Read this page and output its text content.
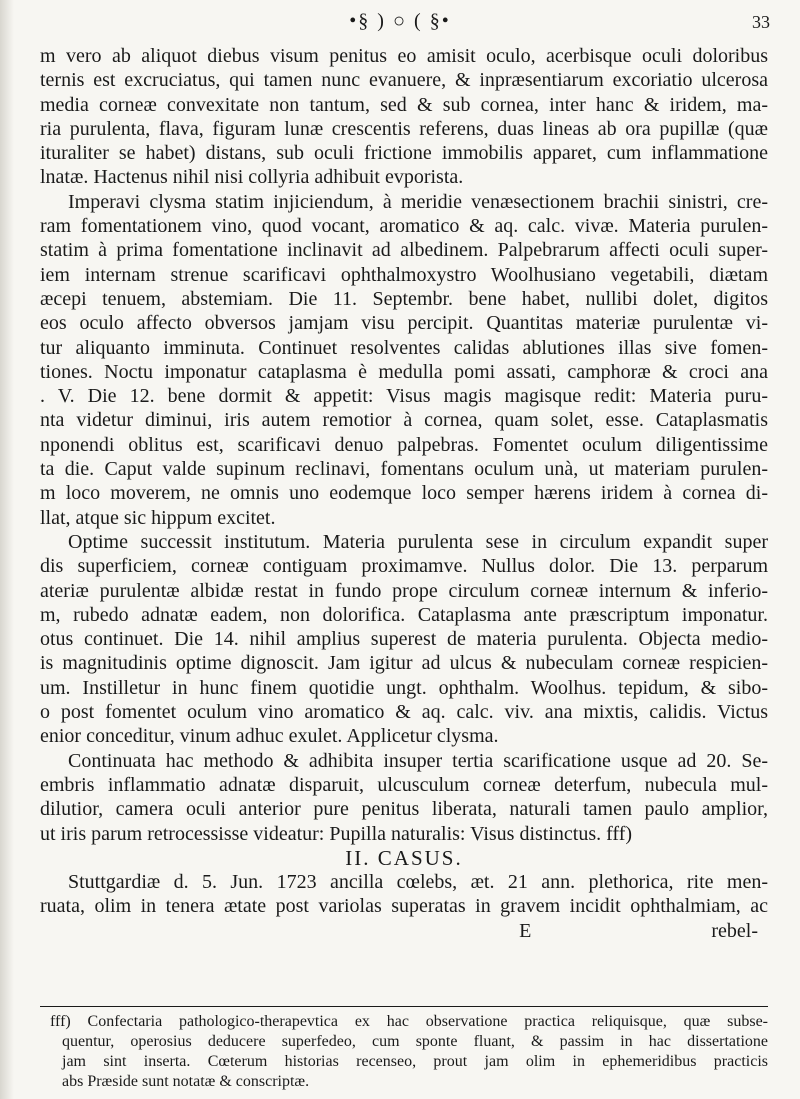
•§ ) ○ ( §•	33
m vero ab aliquot diebus visum penitus eo amisit oculo, acerbisque oculi doloribus
ternis est excruciatus, qui tamen nunc evanuere, & inpræsentiarum excoriatio ulcerosa
media corneæ convexitate non tantum, sed & sub cornea, inter hanc & iridem, ma-
ria purulenta, flava, figuram lunæ crescentis referens, duas lineas ab ora pupillæ (quæ
ituraliter se habet) distans, sub oculi frictione immobilis apparet, cum inflammatione
lnatæ. Hactenus nihil nisi collyria adhibuit evporista.
Imperavi clysma statim injiciendum, à meridie venæsectionem brachii sinistri, cre-
ram fomentationem vino, quod vocant, aromatico & aq. calc. vivæ. Materia purulen-
statim à prima fomentatione inclinavit ad albedinem. Palpebrarum affecti oculi super-
iem internam strenue scarificavi ophthalmoxystro Woolhusiano vegetabili, diætam
æcepi tenuem, abstemiam. Die 11. Septembr. bene habet, nullibi dolet, digitos
eos oculo affecto obversos jamjam visu percipit. Quantitas materiæ purulentæ vi-
tur aliquanto imminuta. Continuet resolventes calidas ablutiones illas sive fomen-
tiones. Noctu imponatur cataplasma è medulla pomi assati, camphoræ & croci ana
. V. Die 12. bene dormit & appetit: Visus magis magisque redit: Materia puru-
nta videtur diminui, iris autem remotior à cornea, quam solet, esse. Cataplasmatis
nponendi oblitus est, scarificavi denuo palpebras. Fomentet oculum diligentissime
ta die. Caput valde supinum reclinavi, fomentans oculum unà, ut materiam purulen-
m loco moverem, ne omnis uno eodemque loco semper hærens iridem à cornea di-
llat, atque sic hippum excitet.
Optime successit institutum. Materia purulenta sese in circulum expandit super
dis superficiem, corneæ contiguam proximamve. Nullus dolor. Die 13. perparum
ateriæ purulentæ albidæ restat in fundo prope circulum corneæ internum & inferio-
m, rubedo adnatæ eadem, non dolorifica. Cataplasma ante præscriptum imponatur.
otus continuet. Die 14. nihil amplius superest de materia purulenta. Objecta medio-
is magnitudinis optime dignoscit. Jam igitur ad ulcus & nubeculam corneæ respicien-
um. Instilletur in hunc finem quotidie ungt. ophthalm. Woolhus. tepidum, & sibo-
o post fomentet oculum vino aromatico & aq. calc. viv. ana mixtis, calidis. Victus
enior conceditur, vinum adhuc exulet. Applicetur clysma.
Continuata hac methodo & adhibita insuper tertia scarificatione usque ad 20. Se-
embris inflammatio adnatæ disparuit, ulcusculum corneæ deterfum, nubecula mul-
dilutior, camera oculi anterior pure penitus liberata, naturali tamen paulo amplior,
ut iris parum retrocessisse videatur: Pupilla naturalis: Visus distinctus. fff)
II. CASUS.
Stuttgardiæ d. 5. Jun. 1723 ancilla cœlebs, æt. 21 ann. plethorica, rite men-
ruata, olim in tenera ætate post variolas superatas in gravem incidit ophthalmiam, ac
E                                    rebel-
fff) Confectaria pathologico-therapevtica ex hac observatione practica reliquisque, quæ subse-
quentur, operosius deducere superfedeo, cum sponte fluant, & passim in hac dissertatione
jam sint inserta. Cœterum historias recenseo, prout jam olim in ephemeridibus practicis
abs Præside sunt notatæ & conscriptæ.
